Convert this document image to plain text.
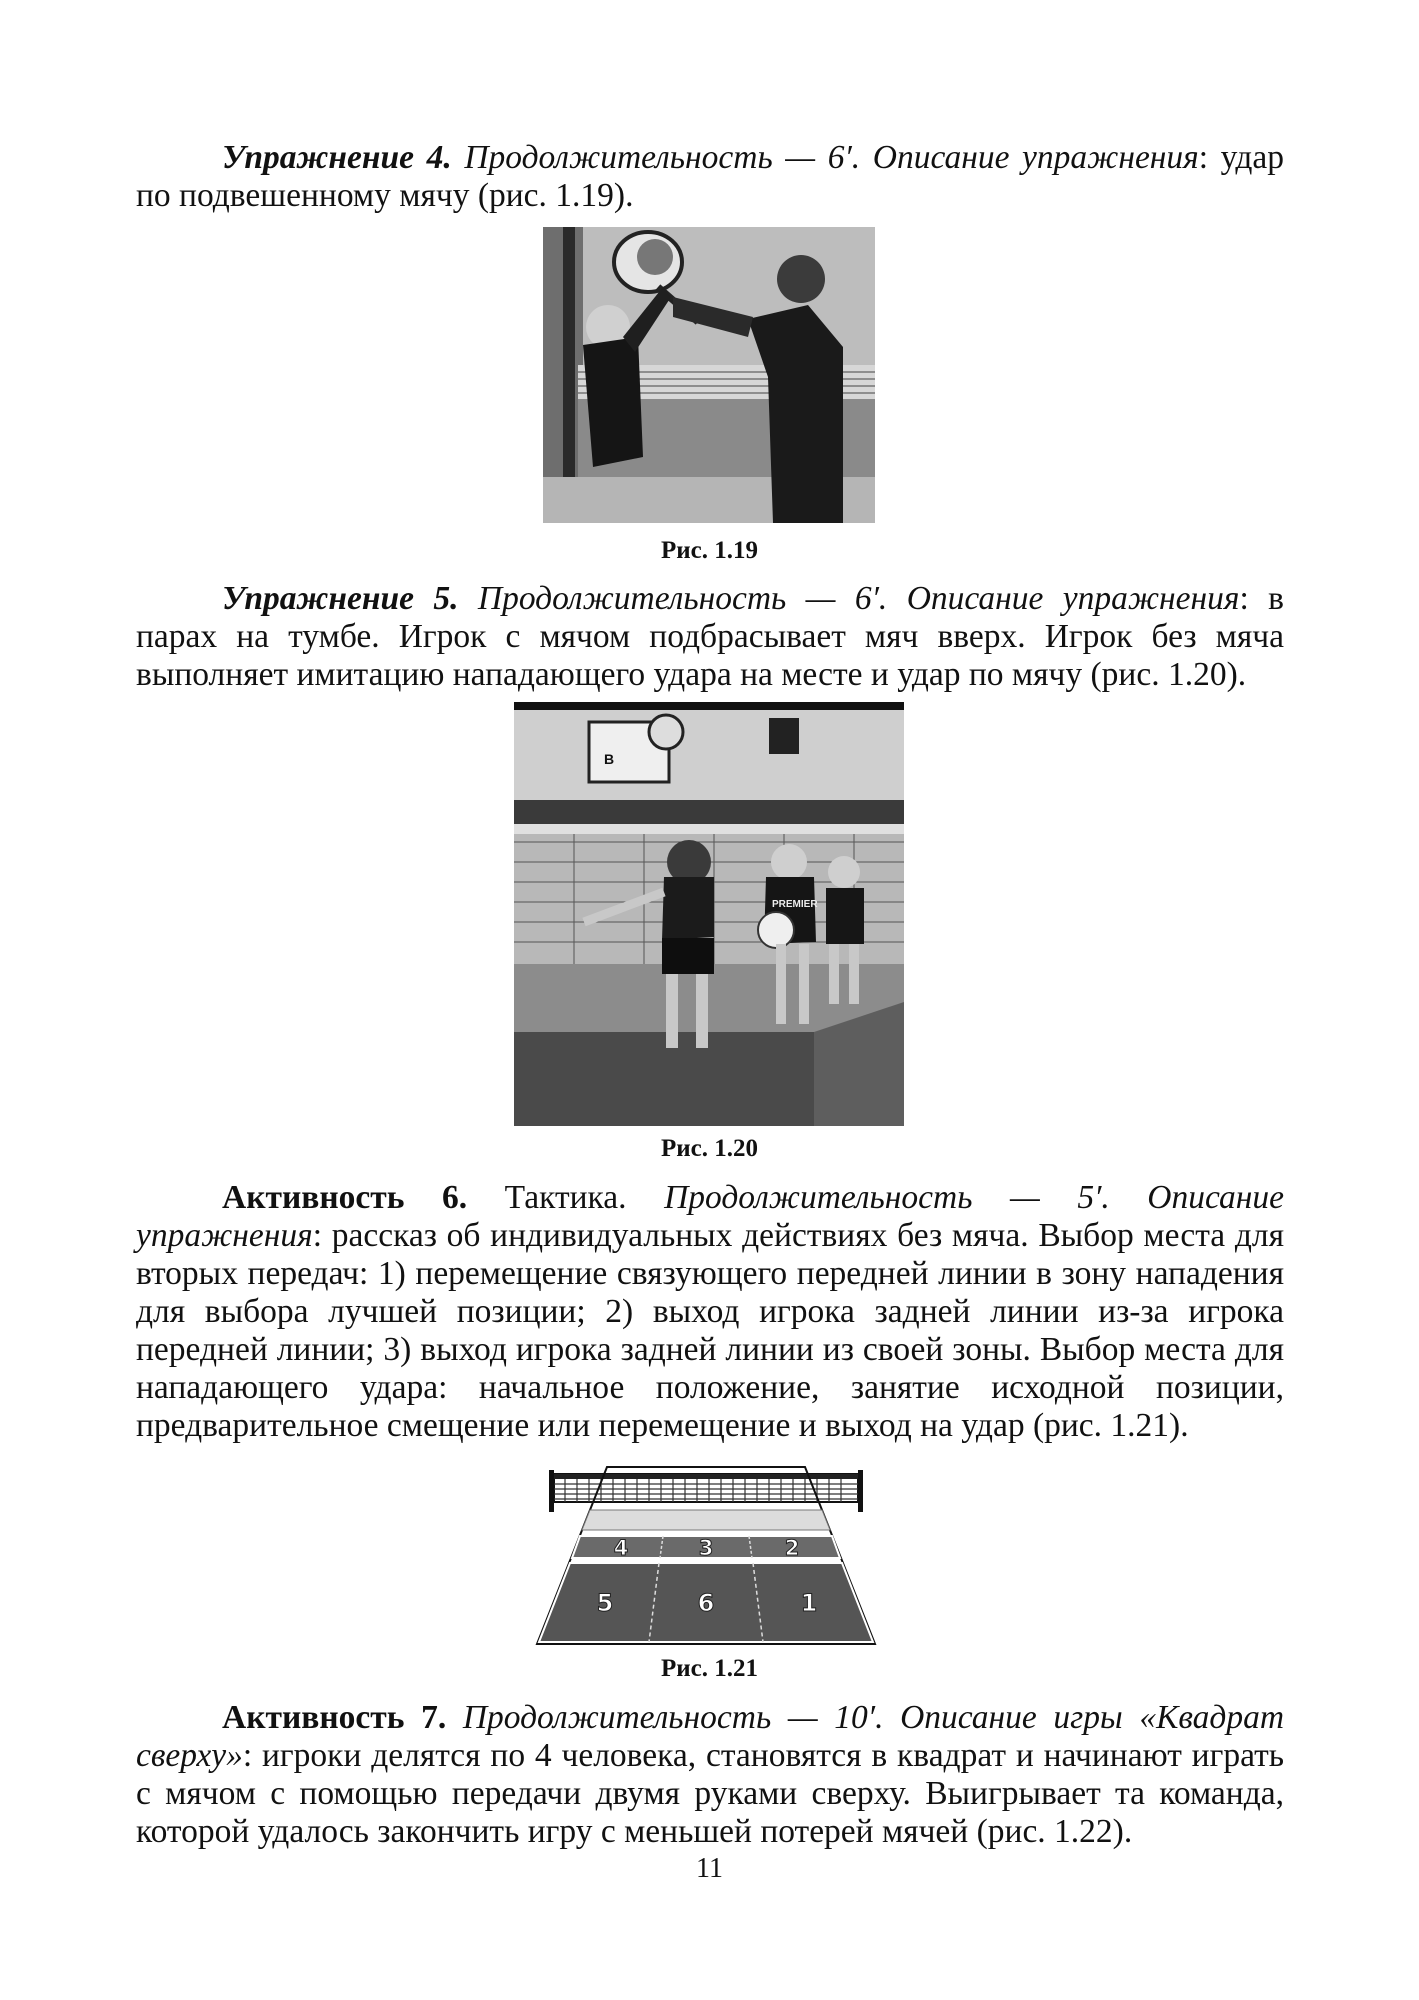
Упражнение 4. Продолжительность — 6′. Описание упражнения: удар по подвешенному мячу (рис. 1.19).

Рис. 1.19

Упражнение 5. Продолжительность — 6′. Описание упражнения: в парах на тумбе. Игрок с мячом подбрасывает мяч вверх. Игрок без мяча выполняет имитацию нападающего удара на месте и удар по мячу (рис. 1.20).

B
PREMIER

Рис. 1.20

Активность 6. Тактика. Продолжительность — 5′. Описание упражнения: рассказ об индивидуальных действиях без мяча. Выбор места для вторых передач: 1) перемещение связующего передней линии в зону нападения для выбора лучшей позиции; 2) выход игрока задней линии из-за игрока передней линии; 3) выход игрока задней линии из своей зоны. Выбор места для нападающего удара: начальное положение, занятие исходной позиции, предварительное смещение или перемещение и выход на удар (рис. 1.21).

4	3	2
5	6	1

Рис. 1.21

Активность 7. Продолжительность — 10′. Описание игры «Квадрат сверху»: игроки делятся по 4 человека, становятся в квадрат и начинают играть с мячом с помощью передачи двумя руками сверху. Выигрывает та команда, которой удалось закончить игру с меньшей потерей мячей (рис. 1.22).

11
